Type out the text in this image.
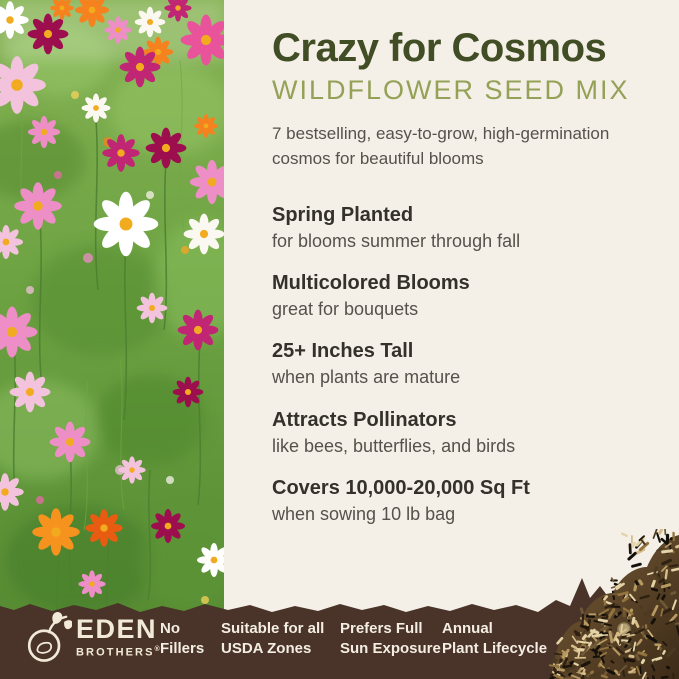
Crazy for Cosmos
WILDFLOWER SEED MIX

7 bestselling, easy-to-grow, high-germination cosmos for beautiful blooms

Spring Planted

for blooms summer through fall

Multicolored Blooms

great for bouquets

25+ Inches Tall

when plants are mature

Attracts Pollinators

like bees, butterflies, and birds

Covers 10,000-20,000 Sq Ft

when sowing 10 lb bag

EDEN
BROTHERS®
No
Fillers
Suitable for all
USDA Zones
Prefers Full
Sun Exposure
Annual
Plant Lifecycle
